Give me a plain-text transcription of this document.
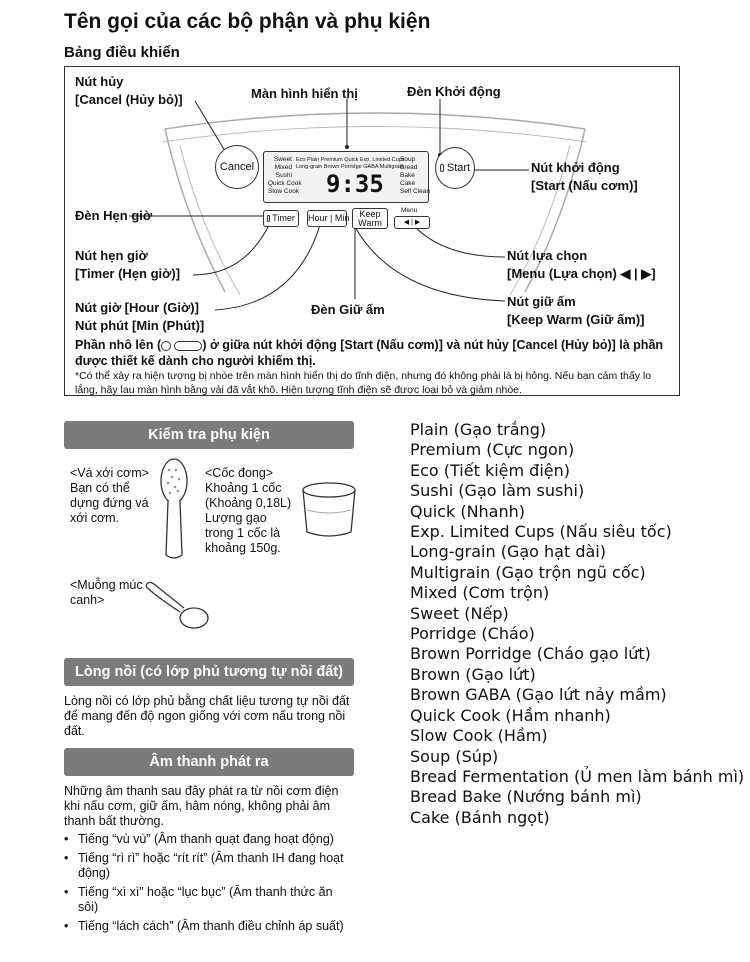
Tên gọi của các bộ phận và phụ kiện
Bảng điều khiển
Nút hủy
[Cancel (Hủy bỏ)]	Màn hình hiển thị	Đèn Khởi động
Nút khởi động
[Start (Nấu cơm)]
Đèn Hẹn giờ
Nút hẹn giờ
[Timer (Hẹn giờ)]
Nút lựa chọn
[Menu (Lựa chọn) ◀ | ▶]
Nút giờ [Hour (Giờ)]
Nút phút [Min (Phút)]
Đèn Giữ ấm
Nút giữ ấm
[Keep Warm (Giữ ấm)]
Cancel	Start
Sweet
Mixed
Sushi
Quick Cook
Slow Cook
Eco Plain Premium Quick Exp. Limited Cups
Long-grain Brown Porridge GABA Multigrain
9:35
Soup
Bread
Bake
Cake
Self Clean
Timer	Hour | Min	Keep
Warm
Menu
◀ | ▶
Phần nhô lên (	) ở giữa nút khởi động [Start (Nấu cơm)] và nút hủy [Cancel (Hủy bỏ)] là phần được thiết kế dành cho người khiếm thị.
*Có thể xảy ra hiện tượng bị nhòe trên màn hình hiển thị do tĩnh điện, nhưng đó không phải là bị hỏng. Nếu bạn cảm thấy lo lắng, hãy lau màn hình bằng vải đã vắt khô. Hiện tượng tĩnh điện sẽ được loại bỏ và giảm nhòe.
Kiểm tra phụ kiện
<Vá xới cơm>
Bạn có thể dựng đứng vá xới cơm.
<Cốc đong>
Khoảng 1 cốc (Khoảng 0,18L) Lượng gạo trong 1 cốc là khoảng 150g.
<Muỗng múc canh>
Lòng nồi (có lớp phủ tương tự nồi đất)
Lòng nồi có lớp phủ bằng chất liệu tương tự nồi đất để mang đến độ ngon giống với cơm nấu trong nồi đất.
Âm thanh phát ra
Những âm thanh sau đây phát ra từ nồi cơm điện khi nấu cơm, giữ ấm, hâm nóng, không phải âm thanh bất thường.
• Tiếng “vù vù” (Âm thanh quạt đang hoạt động)
• Tiếng “rì rì” hoặc “rít rít” (Âm thanh IH đang hoạt động)
• Tiếng “xì xì” hoặc “lục bục” (Âm thanh thức ăn sôi)
• Tiếng “lách cách” (Âm thanh điều chỉnh áp suất)
Plain (Gạo trắng)
Premium (Cực ngon)
Eco (Tiết kiệm điện)
Sushi (Gạo làm sushi)
Quick (Nhanh)
Exp. Limited Cups (Nấu siêu tốc)
Long-grain (Gạo hạt dài)
Multigrain (Gạo trộn ngũ cốc)
Mixed (Cơm trộn)
Sweet (Nếp)
Porridge (Cháo)
Brown Porridge (Cháo gạo lứt)
Brown (Gạo lứt)
Brown GABA (Gạo lứt nảy mầm)
Quick Cook (Hầm nhanh)
Slow Cook (Hầm)
Soup (Súp)
Bread Fermentation (Ủ men làm bánh mì)
Bread Bake (Nướng bánh mì)
Cake (Bánh ngọt)
